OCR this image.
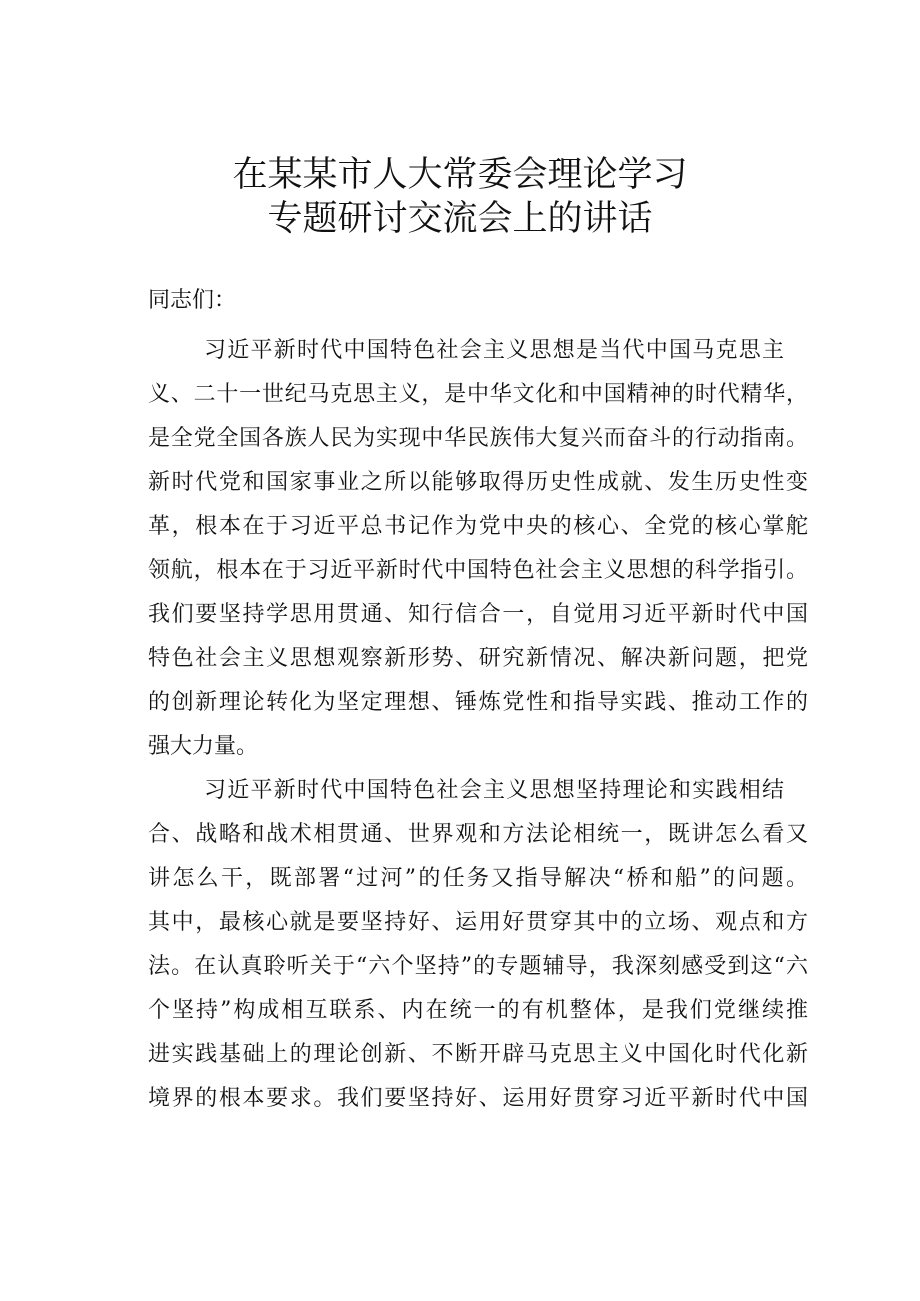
在某某市人大常委会理论学习
专题研讨交流会上的讲话
同志们：
习近平新时代中国特色社会主义思想是当代中国马克思主
义、二十一世纪马克思主义，是中华文化和中国精神的时代精华，
是全党全国各族人民为实现中华民族伟大复兴而奋斗的行动指南。
新时代党和国家事业之所以能够取得历史性成就、发生历史性变
革，根本在于习近平总书记作为党中央的核心、全党的核心掌舵
领航，根本在于习近平新时代中国特色社会主义思想的科学指引。
我们要坚持学思用贯通、知行信合一，自觉用习近平新时代中国
特色社会主义思想观察新形势、研究新情况、解决新问题，把党
的创新理论转化为坚定理想、锤炼党性和指导实践、推动工作的
强大力量。
习近平新时代中国特色社会主义思想坚持理论和实践相结
合、战略和战术相贯通、世界观和方法论相统一，既讲怎么看又
讲怎么干，既部署“过河”的任务又指导解决“桥和船”的问题。
其中，最核心就是要坚持好、运用好贯穿其中的立场、观点和方
法。在认真聆听关于“六个坚持”的专题辅导，我深刻感受到这“六
个坚持”构成相互联系、内在统一的有机整体，是我们党继续推
进实践基础上的理论创新、不断开辟马克思主义中国化时代化新
境界的根本要求。我们要坚持好、运用好贯穿习近平新时代中国
